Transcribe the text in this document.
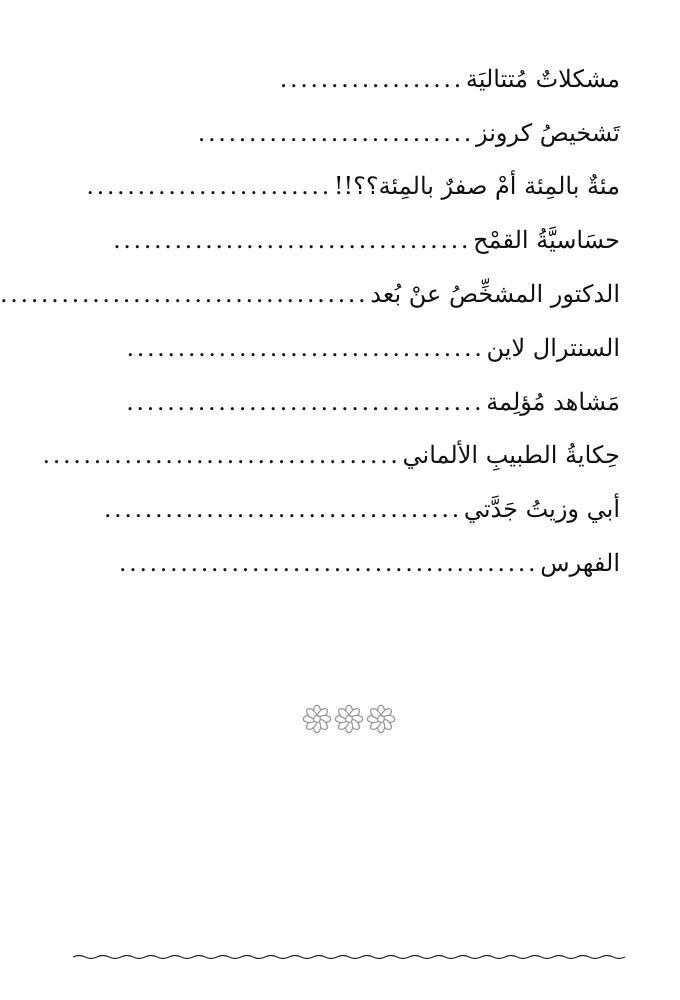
مشكلاتٌ مُتتاليَة
..................
تَشخيصُ كرونز
...........................
مئةٌ بالمِئة أمْ صفرٌ بالمِئة؟؟!!
........................
حسَاسيَّةُ القمْح
...................................
الدكتور المشخِّصُ عنْ بُعد
....................................
السنترال لاين
...................................
مَشاهد مُؤلِمة
...................................
حِكايةُ الطبيبِ الألماني
...................................
أبي وزيتُ جَدَّتي
...................................
الفهرس
.........................................
